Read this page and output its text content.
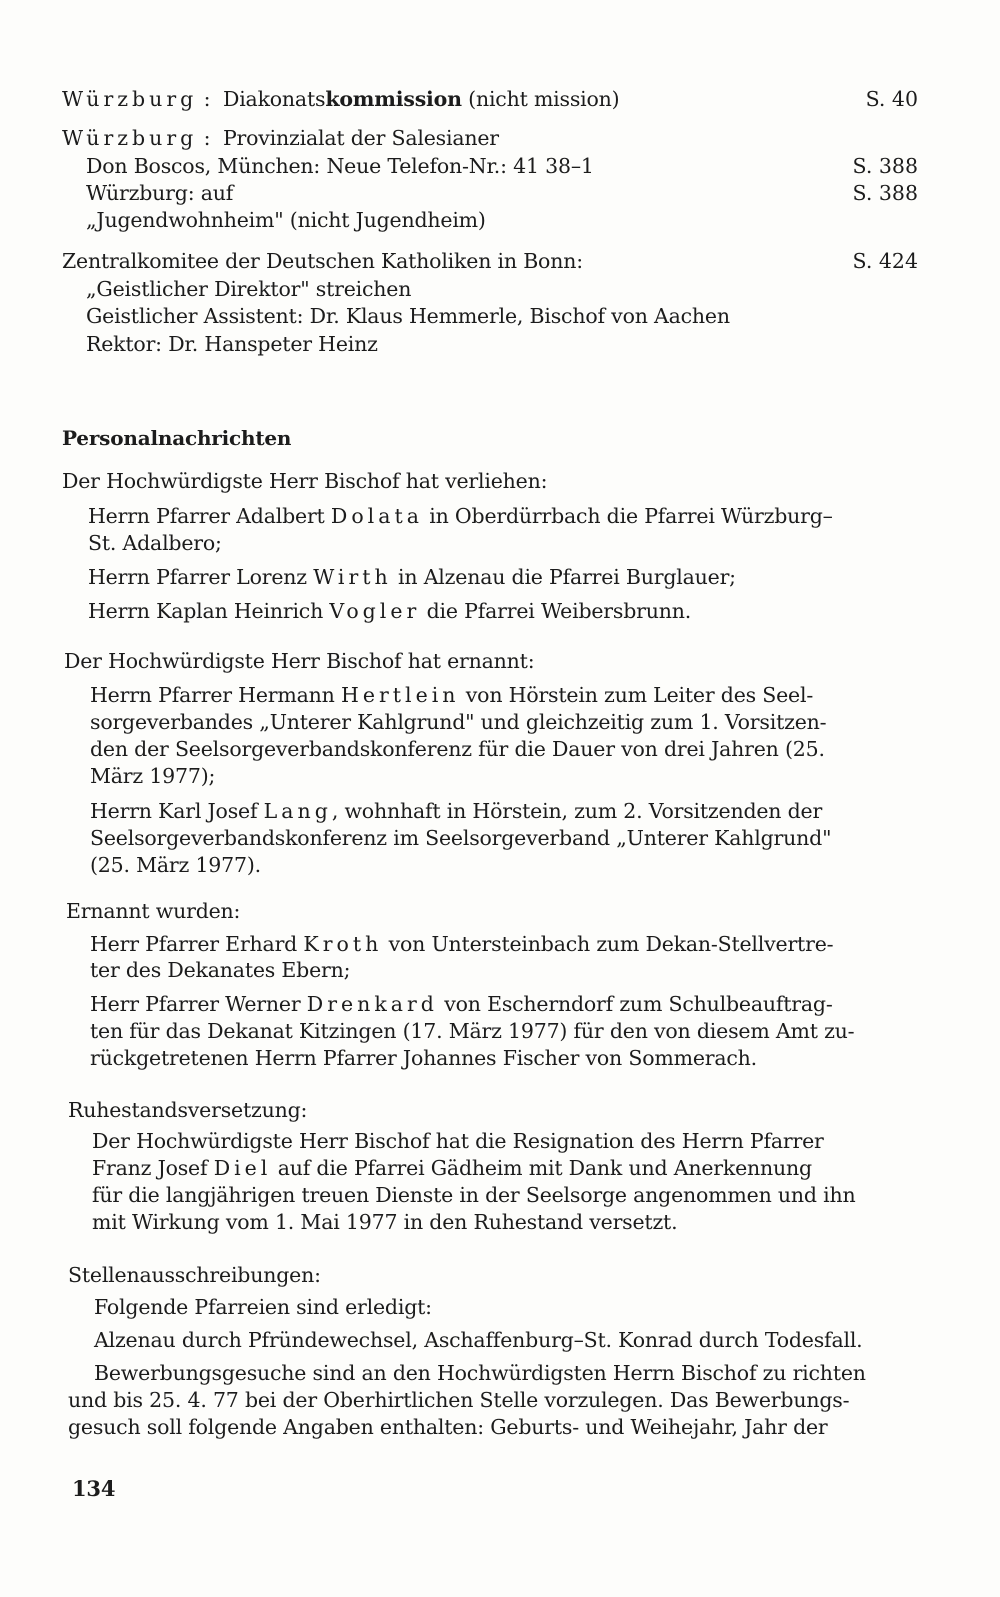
Würzburg :  Diakonatskommission (nicht mission)	S. 40
Würzburg :  Provinzialat der Salesianer
Don Boscos, München: Neue Telefon-Nr.: 41 38–1	S. 388
Würzburg: auf	S. 388
„Jugendwohnheim" (nicht Jugendheim)
Zentralkomitee der Deutschen Katholiken in Bonn:	S. 424
„Geistlicher Direktor" streichen
Geistlicher Assistent: Dr. Klaus Hemmerle, Bischof von Aachen
Rektor: Dr. Hanspeter Heinz
Personalnachrichten
Der Hochwürdigste Herr Bischof hat verliehen:
Herrn Pfarrer Adalbert Dolata in Oberdürrbach die Pfarrei Würzburg–
St. Adalbero;
Herrn Pfarrer Lorenz Wirth in Alzenau die Pfarrei Burglauer;
Herrn Kaplan Heinrich Vogler die Pfarrei Weibersbrunn.
Der Hochwürdigste Herr Bischof hat ernannt:
Herrn Pfarrer Hermann Hertlein von Hörstein zum Leiter des Seel-
sorgeverbandes „Unterer Kahlgrund" und gleichzeitig zum 1. Vorsitzen-
den der Seelsorgeverbandskonferenz für die Dauer von drei Jahren (25.
März 1977);
Herrn Karl Josef Lang, wohnhaft in Hörstein, zum 2. Vorsitzenden der
Seelsorgeverbandskonferenz im Seelsorgeverband „Unterer Kahlgrund"
(25. März 1977).
Ernannt wurden:
Herr Pfarrer Erhard Kroth von Untersteinbach zum Dekan-Stellvertre-
ter des Dekanates Ebern;
Herr Pfarrer Werner Drenkard von Escherndorf zum Schulbeauftrag-
ten für das Dekanat Kitzingen (17. März 1977) für den von diesem Amt zu-
rückgetretenen Herrn Pfarrer Johannes Fischer von Sommerach.
Ruhestandsversetzung:
Der Hochwürdigste Herr Bischof hat die Resignation des Herrn Pfarrer
Franz Josef Diel auf die Pfarrei Gädheim mit Dank und Anerkennung
für die langjährigen treuen Dienste in der Seelsorge angenommen und ihn
mit Wirkung vom 1. Mai 1977 in den Ruhestand versetzt.
Stellenausschreibungen:
Folgende Pfarreien sind erledigt:
Alzenau durch Pfründewechsel, Aschaffenburg–St. Konrad durch Todesfall.
Bewerbungsgesuche sind an den Hochwürdigsten Herrn Bischof zu richten
und bis 25. 4. 77 bei der Oberhirtlichen Stelle vorzulegen. Das Bewerbungs-
gesuch soll folgende Angaben enthalten: Geburts- und Weihejahr, Jahr der
134
